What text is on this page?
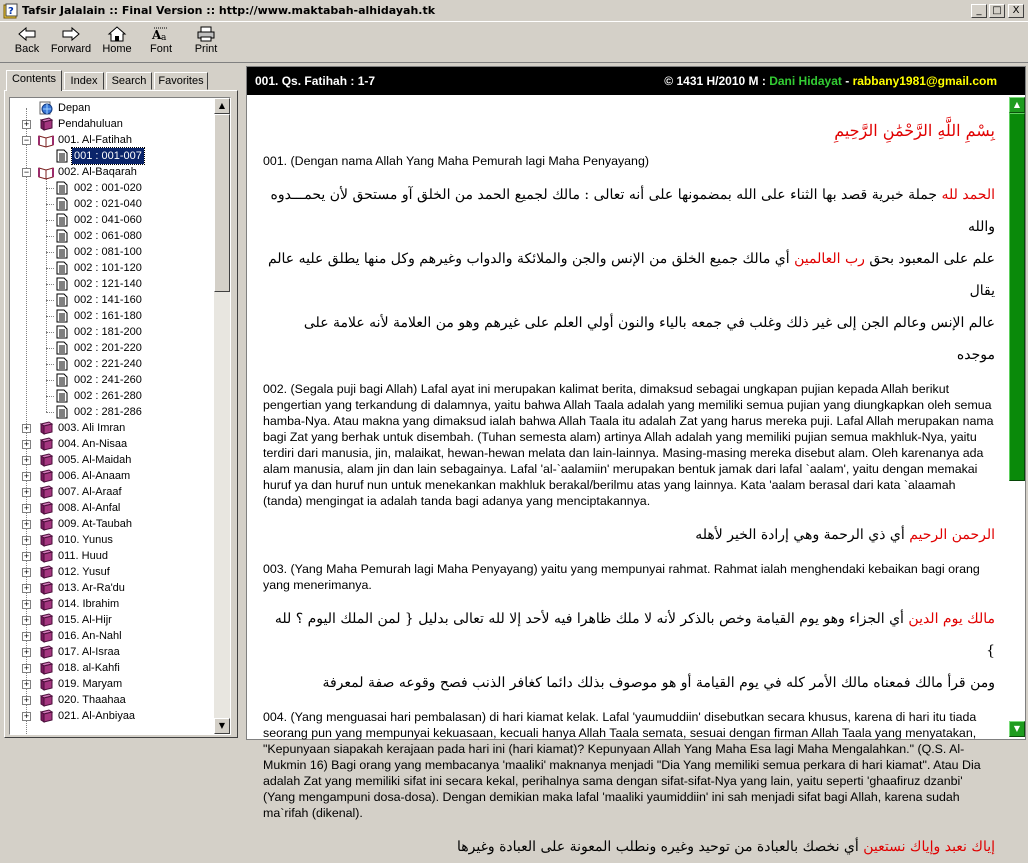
? Tafsir Jalalain :: Final Version :: http://www.maktabah-alhidayah.tk	_	□	X
Back	Forward	Home
A a
Font	Print
Contents	Index	Search	Favorites
Depan
+	Pendahuluan
−	001. Al-Fatihah
001 : 001-007
−	002. Al-Baqarah
002 : 001-020
002 : 021-040
002 : 041-060
002 : 061-080
002 : 081-100
002 : 101-120
002 : 121-140
002 : 141-160
002 : 161-180
002 : 181-200
002 : 201-220
002 : 221-240
002 : 241-260
002 : 261-280
002 : 281-286
+	003. Ali Imran
+	004. An-Nisaa
+	005. Al-Maidah
+	006. Al-Anaam
+	007. Al-Araaf
+	008. Al-Anfal
+	009. At-Taubah
+	010. Yunus
+	011. Huud
+	012. Yusuf
+	013. Ar-Ra'du
+	014. Ibrahim
+	015. Al-Hijr
+	016. An-Nahl
+	017. Al-Israa
+	018. al-Kahfi
+	019. Maryam
+	020. Thaahaa
+	021. Al-Anbiyaa
▲
▼
001. Qs. Fatihah : 1-7	© 1431 H/2010 M : Dani Hidayat - rabbany1981@gmail.com
بِسْمِ اللَّهِ الرَّحْمَٰنِ الرَّحِيمِ
001. (Dengan nama Allah Yang Maha Pemurah lagi Maha Penyayang)
الحمد لله جملة خبرية قصد بها الثناء على الله بمضمونها على أنه تعالى : مالك لجميع الحمد من الخلق آو مستحق لأن يحمـــدوه والله
علم على المعبود بحق رب العالمين أي مالك جميع الخلق من الإنس والجن والملائكة والدواب وغيرهم وكل منها يطلق عليه عالم يقال
عالم الإنس وعالم الجن إلى غير ذلك وغلب في جمعه بالياء والنون أولي العلم على غيرهم وهو من العلامة لأنه علامة على موجده
002. (Segala puji bagi Allah) Lafal ayat ini merupakan kalimat berita, dimaksud sebagai ungkapan pujian kepada Allah berikut pengertian yang terkandung di dalamnya, yaitu bahwa Allah Taala adalah yang memiliki semua pujian yang diungkapkan oleh semua hamba-Nya. Atau makna yang dimaksud ialah bahwa Allah Taala itu adalah Zat yang harus mereka puji. Lafal Allah merupakan nama bagi Zat yang berhak untuk disembah. (Tuhan semesta alam) artinya Allah adalah yang memiliki pujian semua makhluk-Nya, yaitu terdiri dari manusia, jin, malaikat, hewan-hewan melata dan lain-lainnya. Masing-masing mereka disebut alam. Oleh karenanya ada alam manusia, alam jin dan lain sebagainya. Lafal 'al-`aalamiin' merupakan bentuk jamak dari lafal `aalam', yaitu dengan memakai huruf ya dan huruf nun untuk menekankan makhluk berakal/berilmu atas yang lainnya. Kata 'aalam berasal dari kata `alaamah (tanda) mengingat ia adalah tanda bagi adanya yang menciptakannya.
الرحمن الرحيم أي ذي الرحمة وهي إرادة الخير لأهله
003. (Yang Maha Pemurah lagi Maha Penyayang) yaitu yang mempunyai rahmat. Rahmat ialah menghendaki kebaikan bagi orang yang menerimanya.
مالك يوم الدين أي الجزاء وهو يوم القيامة وخص بالذكر لأنه لا ملك ظاهرا فيه لأحد إلا لله تعالى بدليل { لمن الملك اليوم ؟ لله }
ومن قرأ مالك فمعناه مالك الأمر كله في يوم القيامة أو هو موصوف بذلك دائما كغافر الذنب فصح وقوعه صفة لمعرفة
004. (Yang menguasai hari pembalasan) di hari kiamat kelak. Lafal 'yaumuddiin' disebutkan secara khusus, karena di hari itu tiada seorang pun yang mempunyai kekuasaan, kecuali hanya Allah Taala semata, sesuai dengan firman Allah Taala yang menyatakan, "Kepunyaan siapakah kerajaan pada hari ini (hari kiamat)? Kepunyaan Allah Yang Maha Esa lagi Maha Mengalahkan." (Q.S. Al-Mukmin 16) Bagi orang yang membacanya 'maaliki' maknanya menjadi "Dia Yang memiliki semua perkara di hari kiamat". Atau Dia adalah Zat yang memiliki sifat ini secara kekal, perihalnya sama dengan sifat-sifat-Nya yang lain, yaitu seperti 'ghaafiruz dzanbi' (Yang mengampuni dosa-dosa). Dengan demikian maka lafal 'maaliki yaumiddiin' ini sah menjadi sifat bagi Allah, karena sudah ma`rifah (dikenal).
إياك نعبد وإياك نستعين أي نخصك بالعبادة من توحيد وغيره ونطلب المعونة على العبادة وغيرها
▲
▼
